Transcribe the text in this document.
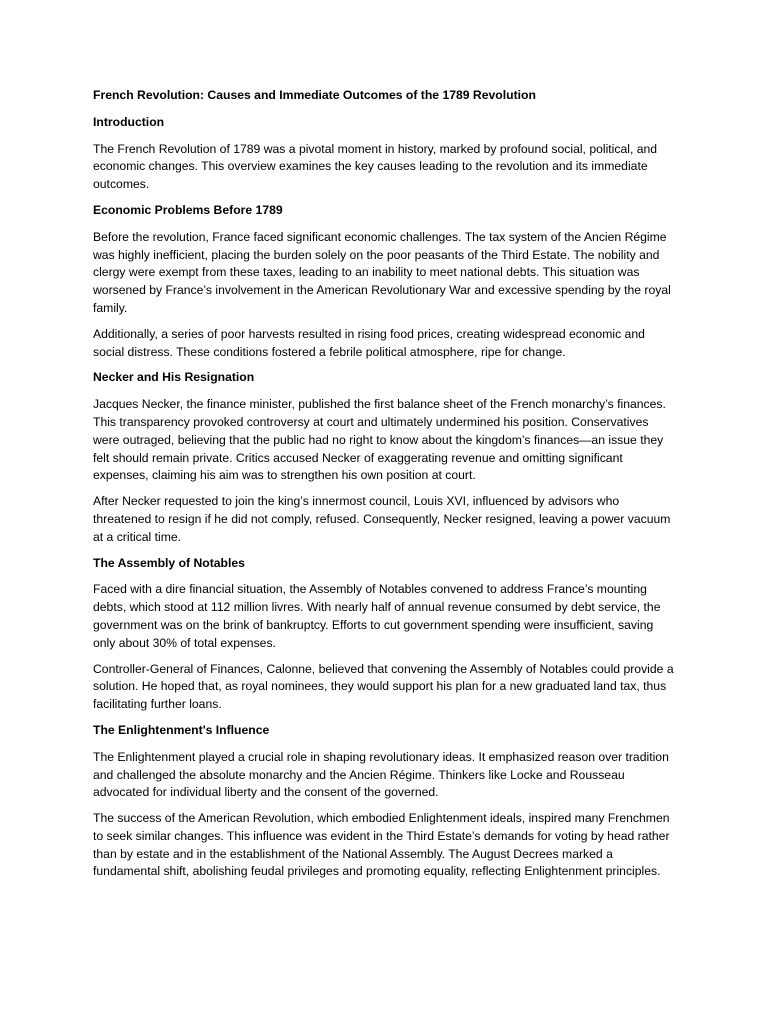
French Revolution: Causes and Immediate Outcomes of the 1789 Revolution

Introduction

The French Revolution of 1789 was a pivotal moment in history, marked by profound social, political, and economic changes. This overview examines the key causes leading to the revolution and its immediate outcomes.

Economic Problems Before 1789

Before the revolution, France faced significant economic challenges. The tax system of the Ancien Régime was highly inefficient, placing the burden solely on the poor peasants of the Third Estate. The nobility and clergy were exempt from these taxes, leading to an inability to meet national debts. This situation was worsened by France’s involvement in the American Revolutionary War and excessive spending by the royal family.

Additionally, a series of poor harvests resulted in rising food prices, creating widespread economic and social distress. These conditions fostered a febrile political atmosphere, ripe for change.

Necker and His Resignation

Jacques Necker, the finance minister, published the first balance sheet of the French monarchy’s finances. This transparency provoked controversy at court and ultimately undermined his position. Conservatives were outraged, believing that the public had no right to know about the kingdom’s finances—an issue they felt should remain private. Critics accused Necker of exaggerating revenue and omitting significant expenses, claiming his aim was to strengthen his own position at court.

After Necker requested to join the king’s innermost council, Louis XVI, influenced by advisors who threatened to resign if he did not comply, refused. Consequently, Necker resigned, leaving a power vacuum at a critical time.

The Assembly of Notables

Faced with a dire financial situation, the Assembly of Notables convened to address France’s mounting debts, which stood at 112 million livres. With nearly half of annual revenue consumed by debt service, the government was on the brink of bankruptcy. Efforts to cut government spending were insufficient, saving only about 30% of total expenses.

Controller-General of Finances, Calonne, believed that convening the Assembly of Notables could provide a solution. He hoped that, as royal nominees, they would support his plan for a new graduated land tax, thus facilitating further loans.

The Enlightenment's Influence

The Enlightenment played a crucial role in shaping revolutionary ideas. It emphasized reason over tradition and challenged the absolute monarchy and the Ancien Régime. Thinkers like Locke and Rousseau advocated for individual liberty and the consent of the governed.

The success of the American Revolution, which embodied Enlightenment ideals, inspired many Frenchmen to seek similar changes. This influence was evident in the Third Estate’s demands for voting by head rather than by estate and in the establishment of the National Assembly. The August Decrees marked a fundamental shift, abolishing feudal privileges and promoting equality, reflecting Enlightenment principles.
